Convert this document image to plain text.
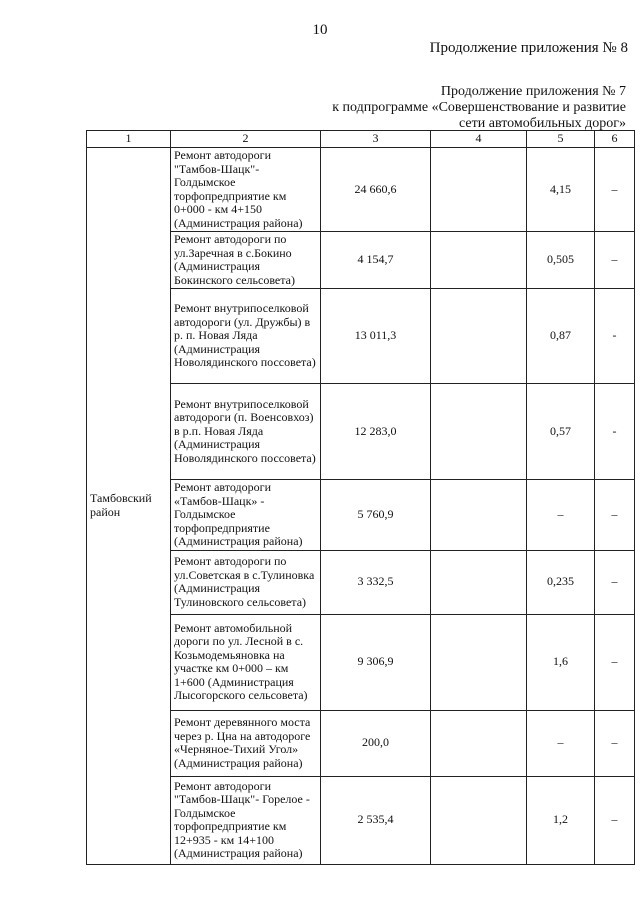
10
Продолжение приложения № 8
Продолжение приложения № 7
к подпрограмме «Совершенствование и развитие
сети автомобильных дорог»
1	2	3	4	5	6
Тамбовский район	Ремонт автодороги "Тамбов-Шацк"-Голдымское торфопредприятие км 0+000 - км 4+150 (Администрация района)	24 660,6		4,15	–
	Ремонт автодороги по ул.Заречная в с.Бокино (Администрация Бокинского сельсовета)	4 154,7		0,505	–
	Ремонт внутрипоселковой автодороги (ул. Дружбы) в р. п. Новая Ляда (Администрация Новолядинского поссовета)	13 011,3		0,87	-
	Ремонт внутрипоселковой автодороги (п. Военсовхоз) в р.п. Новая Ляда (Администрация Новолядинского поссовета)	12 283,0		0,57	-
	Ремонт автодороги «Тамбов-Шацк» - Голдымское торфопредприятие (Администрация района)	5 760,9		–	–
	Ремонт автодороги по ул.Советская в с.Тулиновка (Администрация Тулиновского сельсовета)	3 332,5		0,235	–
	Ремонт автомобильной дороги по ул. Лесной в с. Козьмодемьяновка на участке км 0+000 – км 1+600 (Администрация Лысогорского сельсовета)	9 306,9		1,6	–
	Ремонт деревянного моста через р. Цна на автодороге «Черняное-Тихий Угол» (Администрация района)	200,0		–	–
	Ремонт автодороги "Тамбов-Шацк"- Горелое - Голдымское торфопредприятие км 12+935 - км 14+100 (Администрация района)	2 535,4		1,2	–
